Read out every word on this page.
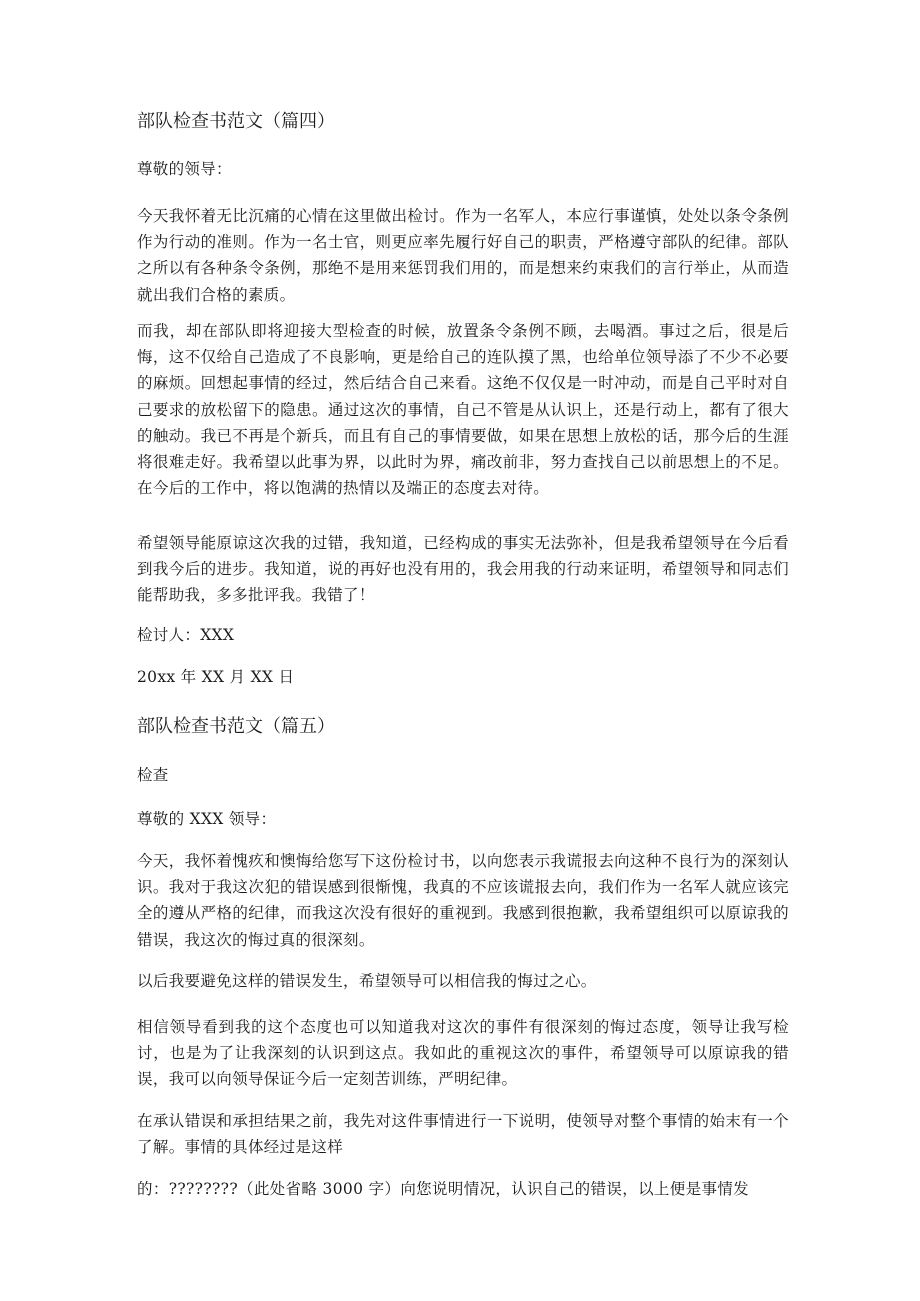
部队检查书范文（篇四）
尊敬的领导：

今天我怀着无比沉痛的心情在这里做出检讨。作为一名军人，本应行事谨慎，处处以条令条例作为行动的准则。作为一名士官，则更应率先履行好自己的职责，严格遵守部队的纪律。部队之所以有各种条令条例，那绝不是用来惩罚我们用的，而是想来约束我们的言行举止，从而造就出我们合格的素质。

而我，却在部队即将迎接大型检查的时候，放置条令条例不顾，去喝酒。事过之后，很是后悔，这不仅给自己造成了不良影响，更是给自己的连队摸了黑，也给单位领导添了不少不必要的麻烦。回想起事情的经过，然后结合自己来看。这绝不仅仅是一时冲动，而是自己平时对自己要求的放松留下的隐患。通过这次的事情，自己不管是从认识上，还是行动上，都有了很大的触动。我已不再是个新兵，而且有自己的事情要做，如果在思想上放松的话，那今后的生涯将很难走好。我希望以此事为界，以此时为界，痛改前非，努力查找自己以前思想上的不足。在今后的工作中，将以饱满的热情以及端正的态度去对待。

希望领导能原谅这次我的过错，我知道，已经构成的事实无法弥补，但是我希望领导在今后看到我今后的进步。我知道，说的再好也没有用的，我会用我的行动来证明，希望领导和同志们能帮助我，多多批评我。我错了！

检讨人：XXX
20xx 年 XX 月 XX 日
部队检查书范文（篇五）
检查
尊敬的 XXX 领导：

今天，我怀着愧疚和懊悔给您写下这份检讨书，以向您表示我谎报去向这种不良行为的深刻认识。我对于我这次犯的错误感到很惭愧，我真的不应该谎报去向，我们作为一名军人就应该完全的遵从严格的纪律，而我这次没有很好的重视到。我感到很抱歉，我希望组织可以原谅我的错误，我这次的悔过真的很深刻。

以后我要避免这样的错误发生，希望领导可以相信我的悔过之心。

相信领导看到我的这个态度也可以知道我对这次的事件有很深刻的悔过态度，领导让我写检讨，也是为了让我深刻的认识到这点。我如此的重视这次的事件，希望领导可以原谅我的错误，我可以向领导保证今后一定刻苦训练，严明纪律。

在承认错误和承担结果之前，我先对这件事情进行一下说明，使领导对整个事情的始末有一个了解。事情的具体经过是这样

的：????????（此处省略 3000 字）向您说明情况，认识自己的错误，以上便是事情发
